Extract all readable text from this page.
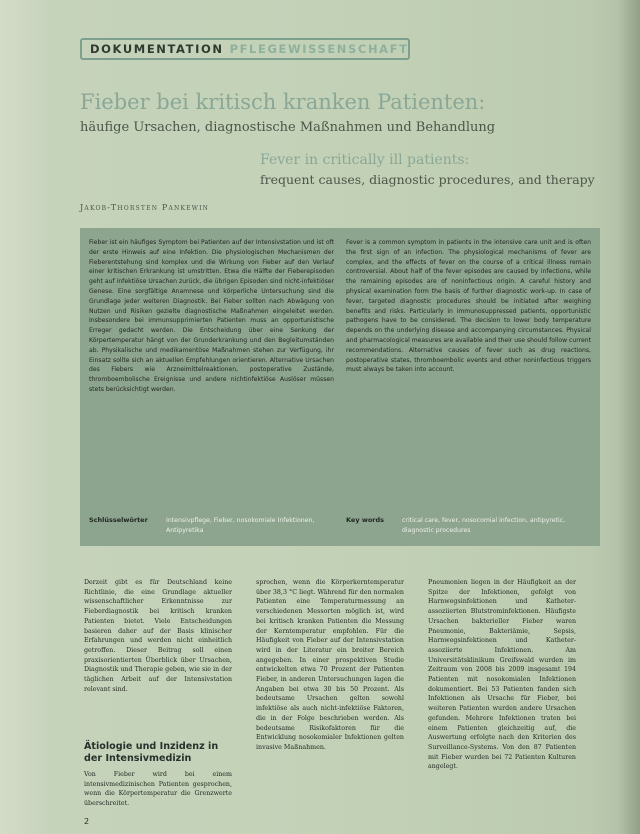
DOKUMENTATION PFLEGEWISSENSCHAFT
Fieber bei kritisch kranken Patienten:
häufige Ursachen, diagnostische Maßnahmen und Behandlung
Fever in critically ill patients:
frequent causes, diagnostic procedures, and therapy
Jakob-Thorsten Pankewin
Fieber ist ein häufiges Symptom bei Patienten auf der Intensivstation und ist oft der erste Hinweis auf eine Infektion. Die physiologischen Mechanismen der Fieberentstehung sind komplex und die Wirkung von Fieber auf den Verlauf einer kritischen Erkrankung ist umstritten. Etwa die Hälfte der Fieberepisoden geht auf infektiöse Ursachen zurück, die übrigen Episoden sind nicht-infektiöser Genese. Eine sorgfältige Anamnese und körperliche Untersuchung sind die Grundlage jeder weiteren Diagnostik. Bei Fieber sollten nach Abwägung von Nutzen und Risiken gezielte diagnostische Maßnahmen eingeleitet werden. Insbesondere bei immunsupprimierten Patienten muss an opportunistische Erreger gedacht werden. Die Entscheidung über eine Senkung der Körpertemperatur hängt von der Grunderkrankung und den Begleitumständen ab. Physikalische und medikamentöse Maßnahmen stehen zur Verfügung, ihr Einsatz sollte sich an aktuellen Empfehlungen orientieren. Alternative Ursachen des Fiebers wie Arzneimittelreaktionen, postoperative Zustände, thromboembolische Ereignisse und andere nichtinfektiöse Auslöser müssen stets berücksichtigt werden.
Fever is a common symptom in patients in the intensive care unit and is often the first sign of an infection. The physiological mechanisms of fever are complex, and the effects of fever on the course of a critical illness remain controversial. About half of the fever episodes are caused by infections, while the remaining episodes are of noninfectious origin. A careful history and physical examination form the basis of further diagnostic work-up. In case of fever, targeted diagnostic procedures should be initiated after weighing benefits and risks. Particularly in immunosuppressed patients, opportunistic pathogens have to be considered. The decision to lower body temperature depends on the underlying disease and accompanying circumstances. Physical and pharmacological measures are available and their use should follow current recommendations. Alternative causes of fever such as drug reactions, postoperative states, thromboembolic events and other noninfectious triggers must always be taken into account.
Schlüsselwörter	Intensivpflege, Fieber, nosokomiale Infektionen, Antipyretika
Key words	critical care, fever, nosocomial infection, antipyretic, diagnostic procedures
Derzeit gibt es für Deutschland keine Richtlinie, die eine Grundlage aktueller wissenschaftlicher Erkenntnisse zur Fieberdiagnostik bei kritisch kranken Patienten bietet. Viele Entscheidungen basieren daher auf der Basis klinischer Erfahrungen und werden nicht einheitlich getroffen. Dieser Beitrag soll einen praxisorientierten Überblick über Ursachen, Diagnostik und Therapie geben, wie sie in der täglichen Arbeit auf der Intensivstation relevant sind.
Ätiologie und Inzidenz in der Intensivmedizin
Von Fieber wird bei einem intensivmedizinischen Patienten gesprochen, wenn die Körpertemperatur die Grenzwerte überschreitet.
sprochen, wenn die Körperkerntemperatur über 38,3 °C liegt. Während für den normalen Patienten eine Temperaturmessung an verschiedenen Messorten möglich ist, wird bei kritisch kranken Patienten die Messung der Kerntemperatur empfohlen. Für die Häufigkeit von Fieber auf der Intensivstation wird in der Literatur ein breiter Bereich angegeben. In einer prospektiven Studie entwickelten etwa 70 Prozent der Patienten Fieber, in anderen Untersuchungen lagen die Angaben bei etwa 30 bis 50 Prozent. Als bedeutsame Ursachen gelten sowohl infektiöse als auch nicht-infektiöse Faktoren, die in der Folge beschrieben werden. Als bedeutsame Risikofaktoren für die Entwicklung nosokomialer Infektionen gelten invasive Maßnahmen.
Pneumonien liegen in der Häufigkeit an der Spitze der Infektionen, gefolgt von Harnwegsinfektionen und Katheter-assoziierten Blutstrominfektionen. Häufigste Ursachen bakterieller Fieber waren Pneumonie, Bakteriämie, Sepsis, Harnwegsinfektionen und Katheter-assoziierte Infektionen. Am Universitätsklinikum Greifswald wurden im Zeitraum von 2008 bis 2009 insgesamt 194 Patienten mit nosokomialen Infektionen dokumentiert. Bei 53 Patienten fanden sich Infektionen als Ursache für Fieber, bei weiteren Patienten wurden andere Ursachen gefunden. Mehrere Infektionen traten bei einem Patienten gleichzeitig auf, die Auswertung erfolgte nach den Kriterien des Surveillance-Systems. Von den 87 Patienten mit Fieber wurden bei 72 Patienten Kulturen angelegt.
2
